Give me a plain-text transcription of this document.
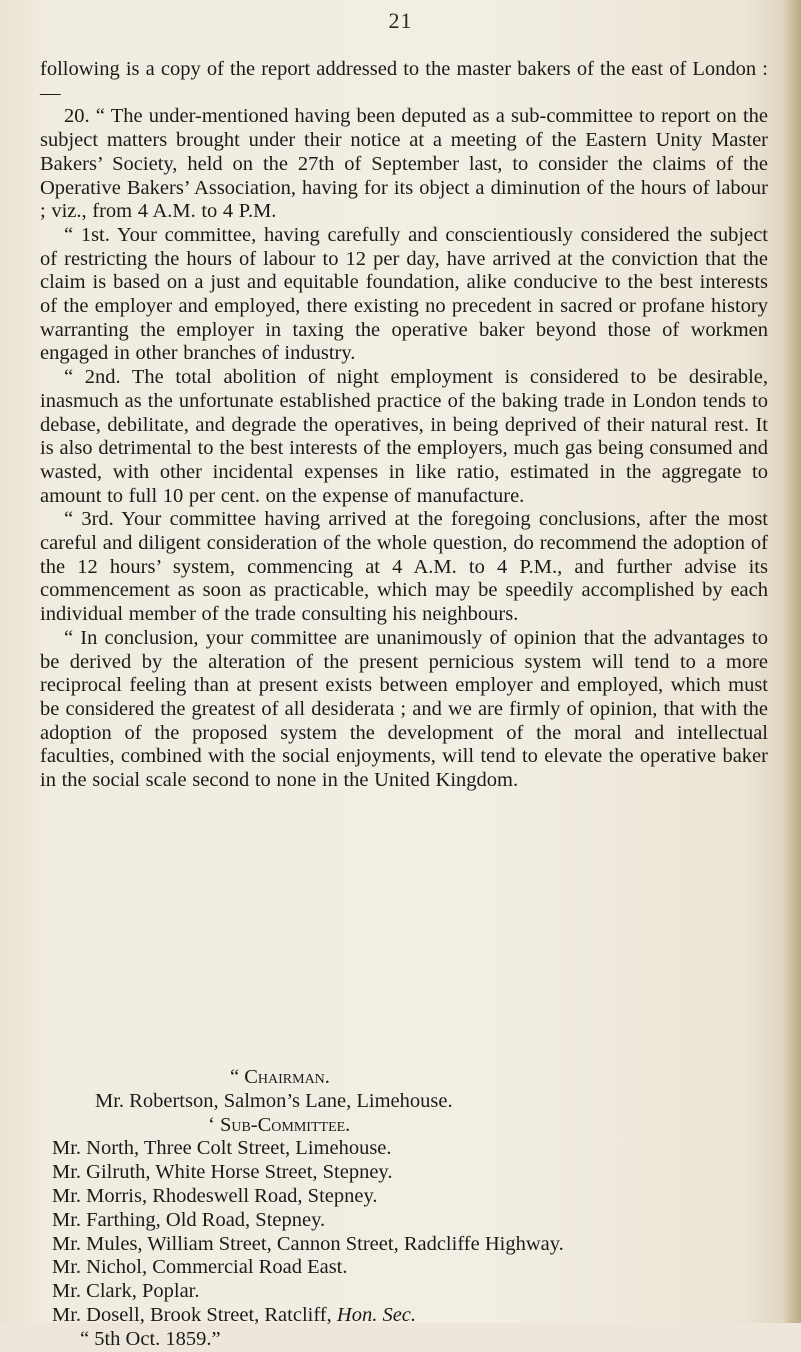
21

following is a copy of the report addressed to the master bakers of the east of London :—

20. “ The under-mentioned having been deputed as a sub-committee to report on the subject matters brought under their notice at a meeting of the Eastern Unity Master Bakers’ Society, held on the 27th of September last, to consider the claims of the Operative Bakers’ Association, having for its object a diminution of the hours of labour ; viz., from 4 A.M. to 4 P.M.

“ 1st. Your committee, having carefully and conscientiously considered the subject of restricting the hours of labour to 12 per day, have arrived at the conviction that the claim is based on a just and equitable foundation, alike conducive to the best interests of the employer and employed, there existing no precedent in sacred or profane history warranting the employer in taxing the operative baker beyond those of workmen engaged in other branches of industry.

“ 2nd. The total abolition of night employment is considered to be desirable, inasmuch as the unfortunate established practice of the baking trade in London tends to debase, debilitate, and degrade the operatives, in being deprived of their natural rest. It is also detrimental to the best interests of the employers, much gas being consumed and wasted, with other incidental expenses in like ratio, estimated in the aggregate to amount to full 10 per cent. on the expense of manufacture.

“ 3rd. Your committee having arrived at the foregoing conclusions, after the most careful and diligent consideration of the whole question, do recommend the adoption of the 12 hours’ system, commencing at 4 A.M. to 4 P.M., and further advise its commencement as soon as practicable, which may be speedily accomplished by each individual member of the trade consulting his neighbours.

“ In conclusion, your committee are unanimously of opinion that the advantages to be derived by the alteration of the present pernicious system will tend to a more reciprocal feeling than at present exists between employer and employed, which must be considered the greatest of all desiderata ; and we are firmly of opinion, that with the adoption of the proposed system the development of the moral and intellectual faculties, combined with the social enjoyments, will tend to elevate the operative baker in the social scale second to none in the United Kingdom.

“ Chairman.

Mr. Robertson, Salmon’s Lane, Limehouse.

‘ Sub-Committee.

Mr. North, Three Colt Street, Limehouse.

Mr. Gilruth, White Horse Street, Stepney.

Mr. Morris, Rhodeswell Road, Stepney.

Mr. Farthing, Old Road, Stepney.

Mr. Mules, William Street, Cannon Street, Radcliffe Highway.

Mr. Nichol, Commercial Road East.

Mr. Clark, Poplar.

Mr. Dosell, Brook Street, Ratcliff, Hon. Sec.

“ 5th Oct. 1859.”
